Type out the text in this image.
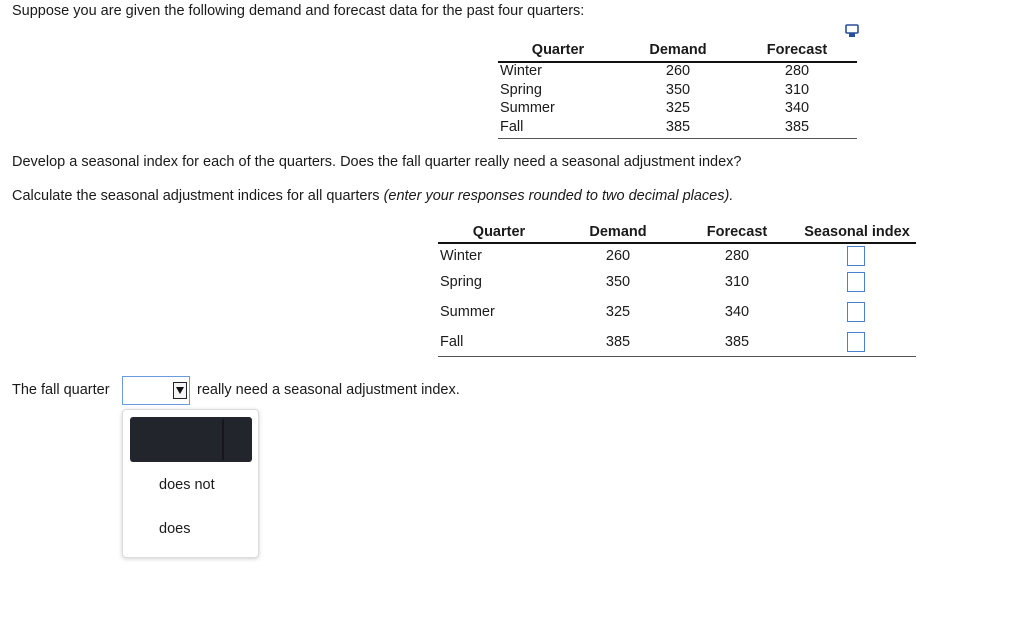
Suppose you are given the following demand and forecast data for the past four quarters:
Quarter	Demand	Forecast
Winter	260	280
Spring	350	310
Summer	325	340
Fall	385	385
Develop a seasonal index for each of the quarters. Does the fall quarter really need a seasonal adjustment index?
Calculate the seasonal adjustment indices for all quarters (enter your responses rounded to two decimal places).
Quarter	Demand	Forecast	Seasonal index
Winter	260	280
Spring	350	310
Summer	325	340
Fall	385	385
The fall quarter	really need a seasonal adjustment index.
does not
does
